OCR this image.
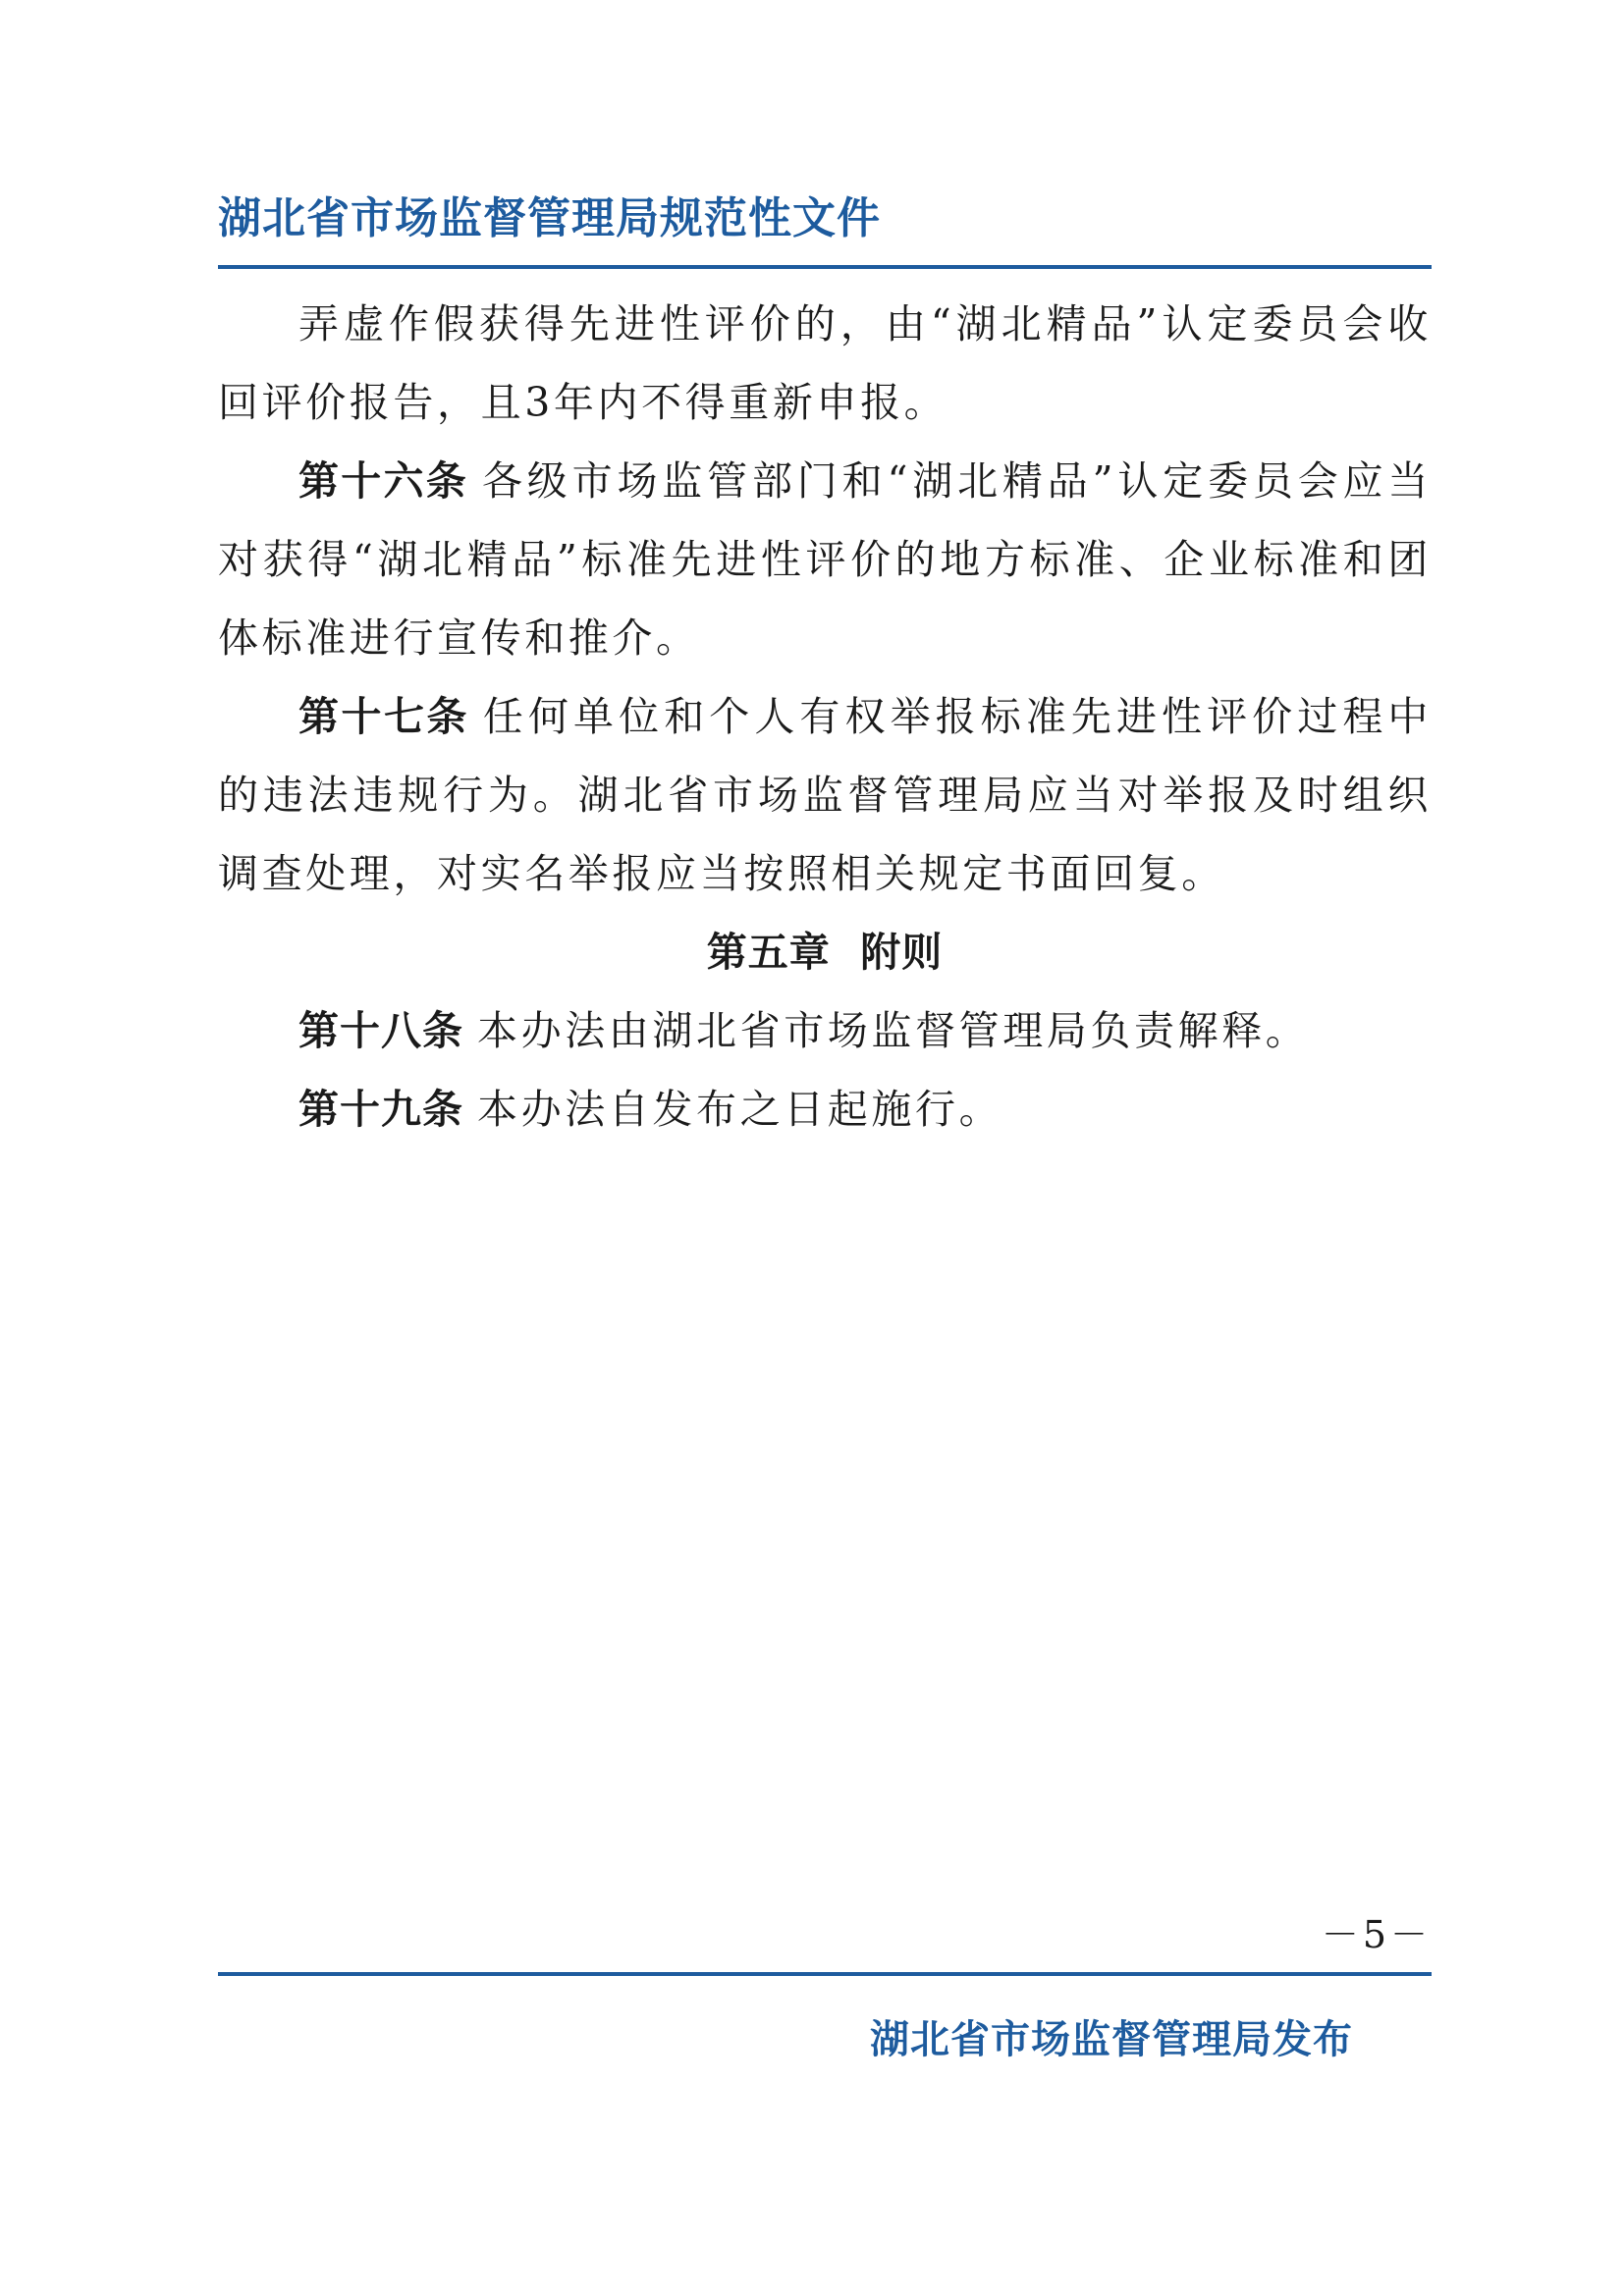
湖北省市场监督管理局规范性文件

弄虚作假获得先进性评价的，由“湖北精品”认定委员会收回评价报告，且3年内不得重新申报。

第十六条 各级市场监管部门和“湖北精品”认定委员会应当对获得“湖北精品”标准先进性评价的地方标准、企业标准和团体标准进行宣传和推介。

第十七条 任何单位和个人有权举报标准先进性评价过程中的违法违规行为。湖北省市场监督管理局应当对举报及时组织调查处理，对实名举报应当按照相关规定书面回复。

第五章  附则

第十八条 本办法由湖北省市场监督管理局负责解释。

第十九条 本办法自发布之日起施行。

－5－
湖北省市场监督管理局发布
